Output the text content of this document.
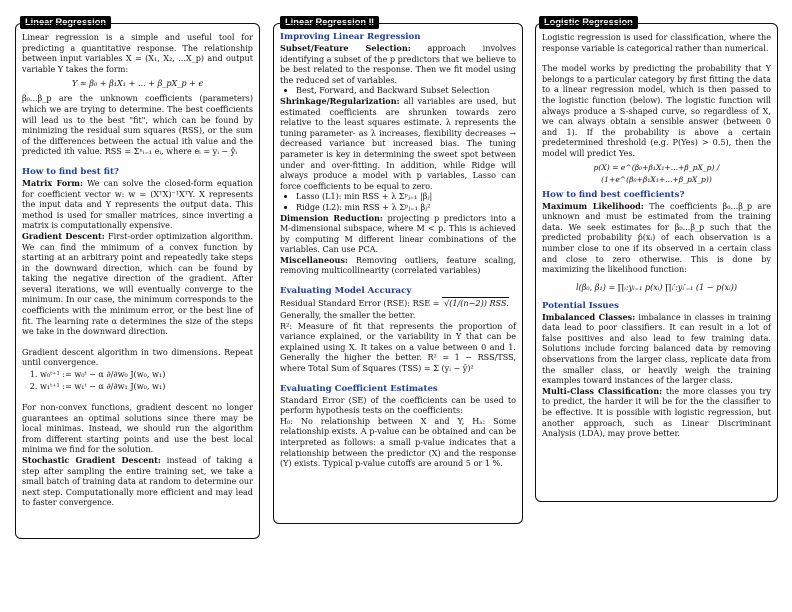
Linear Regression

Linear regression is a simple and useful tool for predicting a quantitative response. The relationship between input variables X = (X₁, X₂, ...X_p) and output variable Y takes the form:

Y ≈ β₀ + β₁X₁ + ... + β_pX_p + ϵ

β₀...β_p are the unknown coefficients (parameters) which we are trying to determine. The best coefficients will lead us to the best "fit", which can be found by minimizing the residual sum squares (RSS), or the sum of the differences between the actual ith value and the predicted ith value. RSS = Σⁿᵢ₌₁ eᵢ, where eᵢ = yᵢ − ŷᵢ

How to find best fit?

Matrix Form: We can solve the closed-form equation for coefficient vector w: w = (XᵀX)⁻¹XᵀY. X represents the input data and Y represents the output data. This method is used for smaller matrices, since inverting a matrix is computationally expensive.

Gradient Descent: First-order optimization algorithm. We can find the minimum of a convex function by starting at an arbitrary point and repeatedly take steps in the downward direction, which can be found by taking the negative direction of the gradient. After several iterations, we will eventually converge to the minimum. In our case, the minimum corresponds to the coefficients with the minimum error, or the best line of fit. The learning rate α determines the size of the steps we take in the downward direction.

Gradient descent algorithm in two dimensions. Repeat until convergence.

1. w₀ᵗ⁺¹ := w₀ᵗ − α ∂/∂w₀ J(w₀, w₁)
2. w₁ᵗ⁺¹ := w₁ᵗ − α ∂/∂w₁ J(w₀, w₁)

For non-convex functions, gradient descent no longer guarantees an optimal solutions since there may be local minimas. Instead, we should run the algorithm from different starting points and use the best local minima we find for the solution.

Stochastic Gradient Descent: instead of taking a step after sampling the entire training set, we take a small batch of training data at random to determine our next step. Computationally more efficient and may lead to faster convergence.

Linear Regression II
Improving Linear Regression

Subset/Feature Selection: approach involves identifying a subset of the p predictors that we believe to be best related to the response. Then we fit model using the reduced set of variables.

• Best, Forward, and Backward Subset Selection

Shrinkage/Regularization: all variables are used, but estimated coefficients are shrunken towards zero relative to the least squares estimate. λ represents the tuning parameter- as λ increases, flexibility decreases → decreased variance but increased bias. The tuning parameter is key in determining the sweet spot between under and over-fitting. In addition, while Ridge will always produce a model with p variables, Lasso can force coefficients to be equal to zero.

• Lasso (L1): min RSS + λ Σᵖⱼ₌₁ |βⱼ|
• Ridge (L2): min RSS + λ Σᵖⱼ₌₁ βⱼ²

Dimension Reduction: projecting p predictors into a M-dimensional subspace, where M < p. This is achieved by computing M different linear combinations of the variables. Can use PCA.

Miscellaneous: Removing outliers, feature scaling, removing multicollinearity (correlated variables)

Evaluating Model Accuracy

Residual Standard Error (RSE): RSE = √(1/(n−2)) RSS.

Generally, the smaller the better.

R²: Measure of fit that represents the proportion of variance explained, or the variability in Y that can be explained using X. It takes on a value between 0 and 1. Generally the higher the better. R² = 1 − RSS/TSS, where Total Sum of Squares (TSS) = Σ (yᵢ − ȳ)²

Evaluating Coefficient Estimates

Standard Error (SE) of the coefficients can be used to perform hypothesis tests on the coefficients:

H₀: No relationship between X and Y, Hₐ: Some relationship exists. A p-value can be obtained and can be interpreted as follows: a small p-value indicates that a relationship between the predictor (X) and the response (Y) exists. Typical p-value cutoffs are around 5 or 1 %.

Logistic Regression

Logistic regression is used for classification, where the response variable is categorical rather than numerical.

The model works by predicting the probability that Y belongs to a particular category by first fitting the data to a linear regression model, which is then passed to the logistic function (below). The logistic function will always produce a S-shaped curve, so regardless of X, we can always obtain a sensible answer (between 0 and 1). If the probability is above a certain predetermined threshold (e.g. P(Yes) > 0.5), then the model will predict Yes.

p(X) = e^(β₀+β₁X₁+...+β_pX_p) / (1+e^(β₀+β₁X₁+...+β_pX_p))
How to find best coefficients?

Maximum Likelihood: The coefficients β₀...β_p are unknown and must be estimated from the training data. We seek estimates for β₀...β_p such that the predicted probability p̂(xᵢ) of each observation is a number close to one if its observed in a certain class and close to zero otherwise. This is done by maximizing the likelihood function:

l(β₀, β₁) = ∏ᵢ:yᵢ₌₁ p(xᵢ) ∏ᵢ′:yᵢ′₌₁ (1 − p(xᵢ))
Potential Issues

Imbalanced Classes: imbalance in classes in training data lead to poor classifiers. It can result in a lot of false positives and also lead to few training data. Solutions include forcing balanced data by removing observations from the larger class, replicate data from the smaller class, or heavily weigh the training examples toward instances of the larger class.

Multi-Class Classification: the more classes you try to predict, the harder it will be for the the classifier to be effective. It is possible with logistic regression, but another approach, such as Linear Discriminant Analysis (LDA), may prove better.
